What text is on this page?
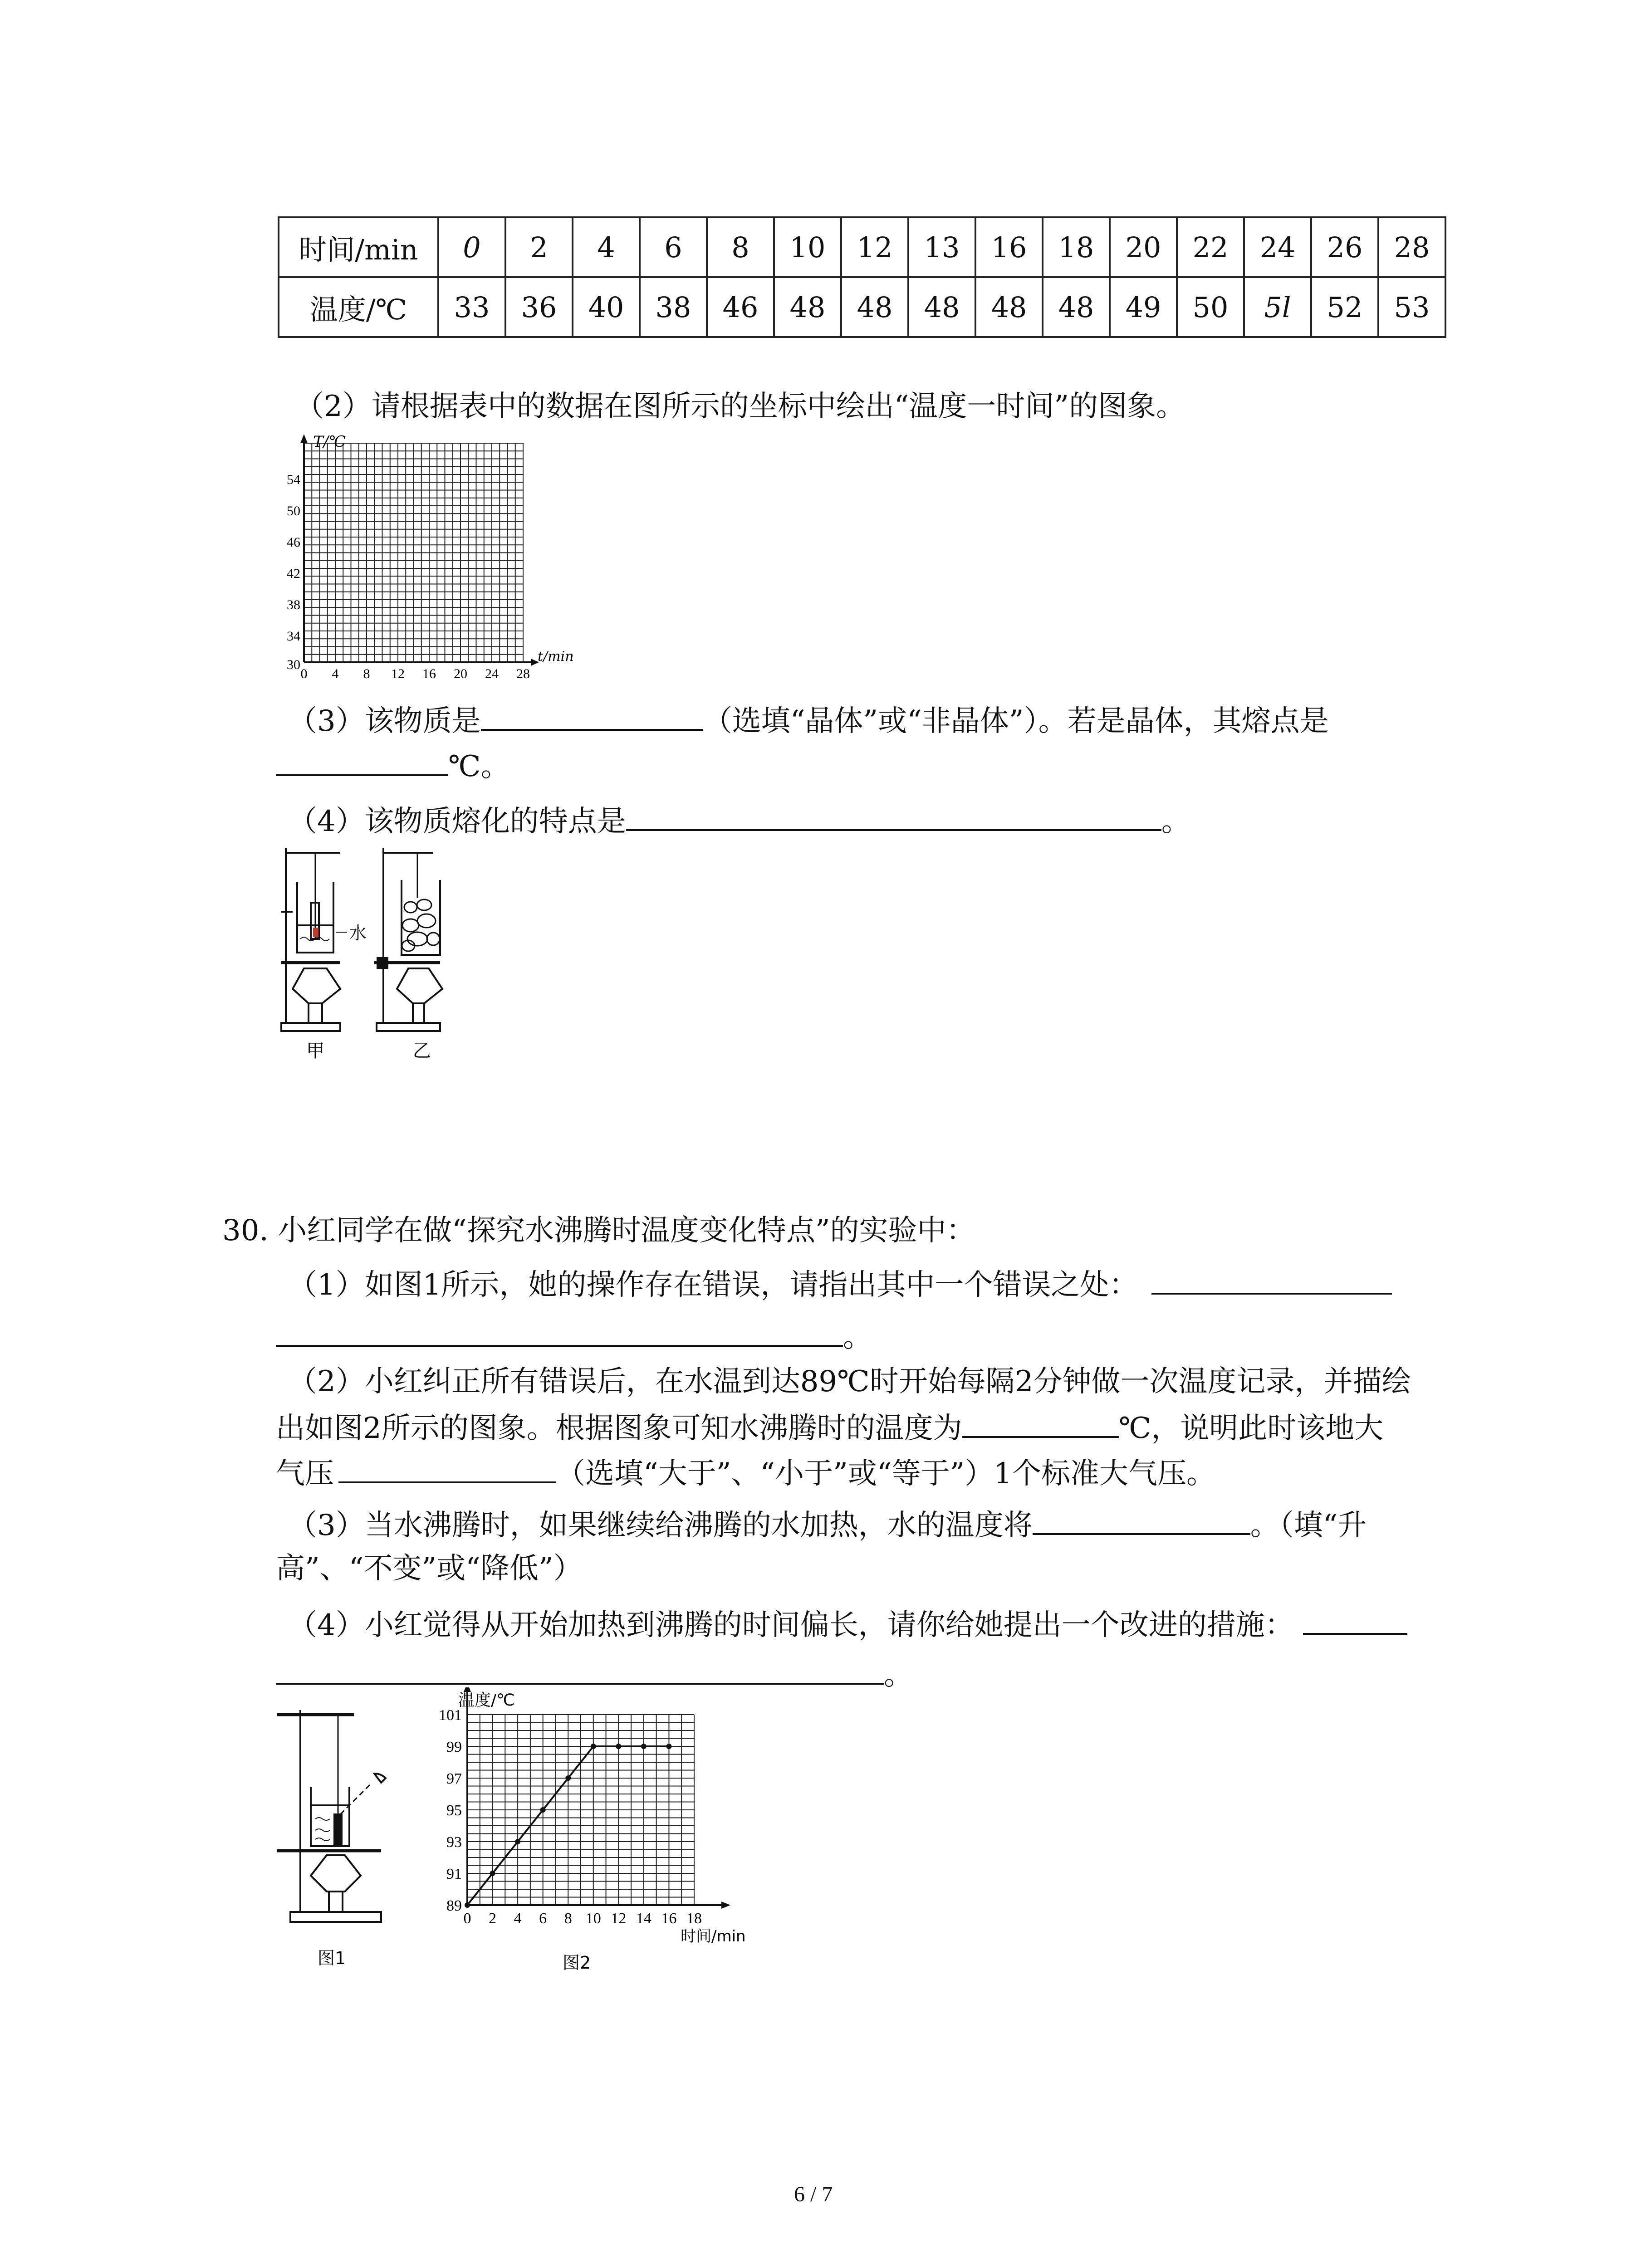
时间/min	0	2	4	6	8	10	12	13	16	18	20	22	24	26	28
温度/℃	33	36	40	38	46	48	48	48	48	48	49	50	5l	52	53
（2）请根据表中的数据在图所示的坐标中绘出“温度一时间”的图象。
T/℃
t/min
54
50
46
42
38
34
30
0 4 8 12 16 20 24 28
（3）该物质是	（选填“晶体”或“非晶体”）。若是晶体，其熔点是
℃。
（4）该物质熔化的特点是	。
水
甲	乙
30. 小红同学在做“探究水沸腾时温度变化特点”的实验中：
（1）如图1所示，她的操作存在错误，请指出其中一个错误之处：
。
（2）小红纠正所有错误后，在水温到达89℃时开始每隔2分钟做一次温度记录，并描绘
出如图2所示的图象。根据图象可知水沸腾时的温度为	℃，说明此时该地大
气压	（选填“大于”、“小于”或“等于”）1个标准大气压。
（3）当水沸腾时，如果继续给沸腾的水加热，水的温度将	。（填“升
高”、“不变”或“降低”）
（4）小红觉得从开始加热到沸腾的时间偏长，请你给她提出一个改进的措施：
。
图1
0 2 4 6 8 10 12 14 16 18
89
91
93
95
97
99
101
温度/℃
时间/min
图2
6 / 7
